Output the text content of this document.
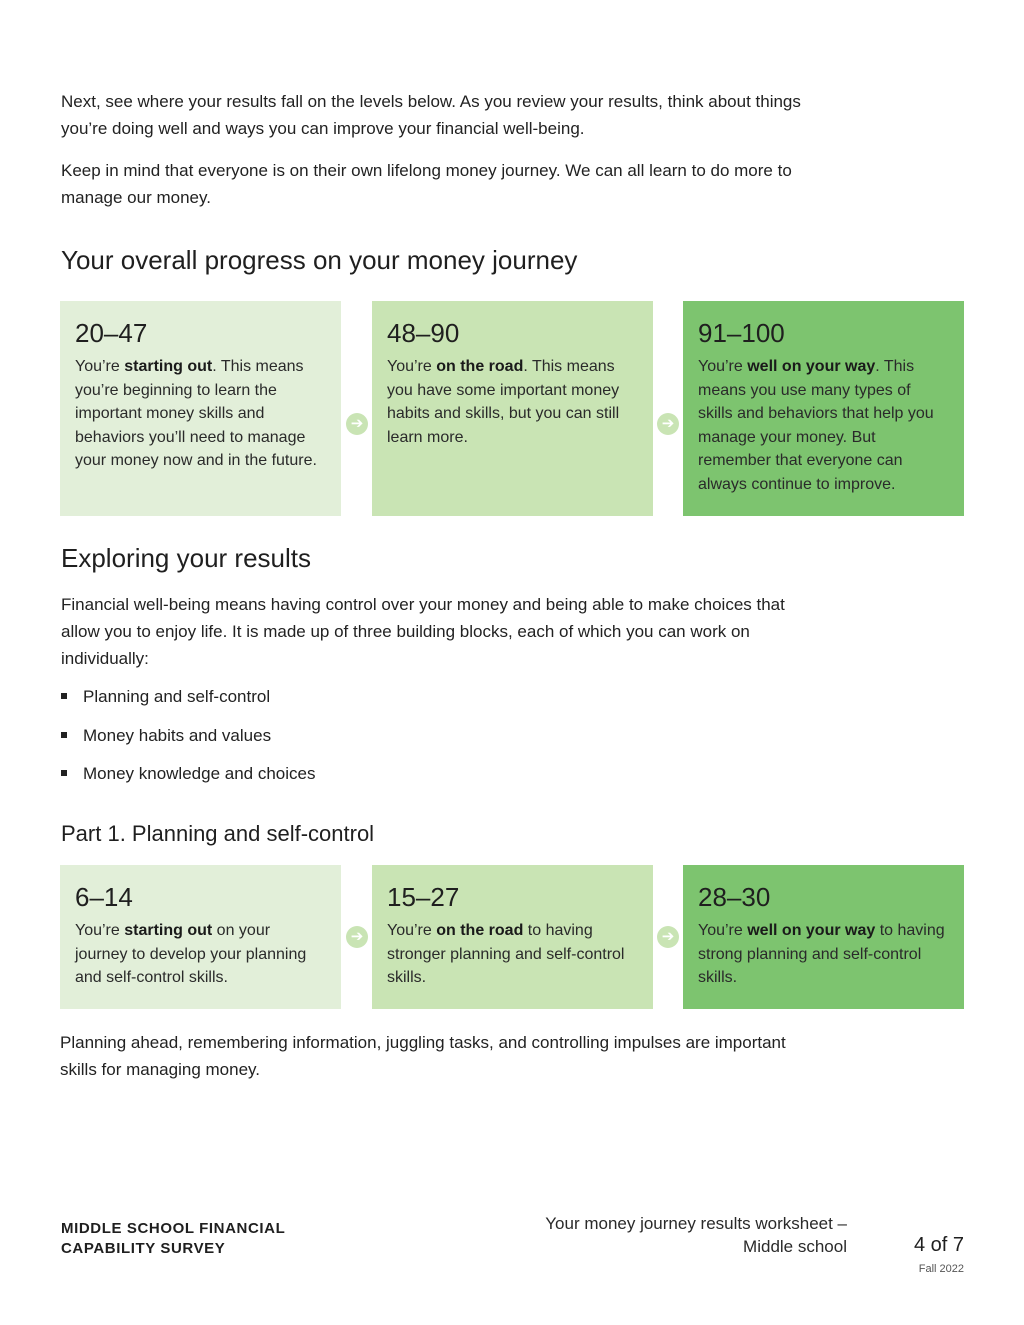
Next, see where your results fall on the levels below. As you review your results, think about things you’re doing well and ways you can improve your financial well-being.

Keep in mind that everyone is on their own lifelong money journey. We can all learn to do more to manage our money.

Your overall progress on your money journey
20–47
You’re starting out. This means you’re beginning to learn the important money skills and behaviors you’ll need to manage your money now and in the future.
➔
48–90
You’re on the road. This means you have some important money habits and skills, but you can still learn more.
➔
91–100
You’re well on your way. This means you use many types of skills and behaviors that help you manage your money. But remember that everyone can always continue to improve.
Exploring your results

Financial well-being means having control over your money and being able to make choices that allow you to enjoy life. It is made up of three building blocks, each of which you can work on individually:

Planning and self-control
Money habits and values
Money knowledge and choices
Part 1. Planning and self-control
6–14
You’re starting out on your journey to develop your planning and self-control skills.
➔
15–27
You’re on the road to having stronger planning and self-control skills.
➔
28–30
You’re well on your way to having strong planning and self-control skills.

Planning ahead, remembering information, juggling tasks, and controlling impulses are important skills for managing money.

MIDDLE SCHOOL FINANCIAL
CAPABILITY SURVEY
Your money journey results worksheet –
Middle school	4 of 7
Fall 2022
